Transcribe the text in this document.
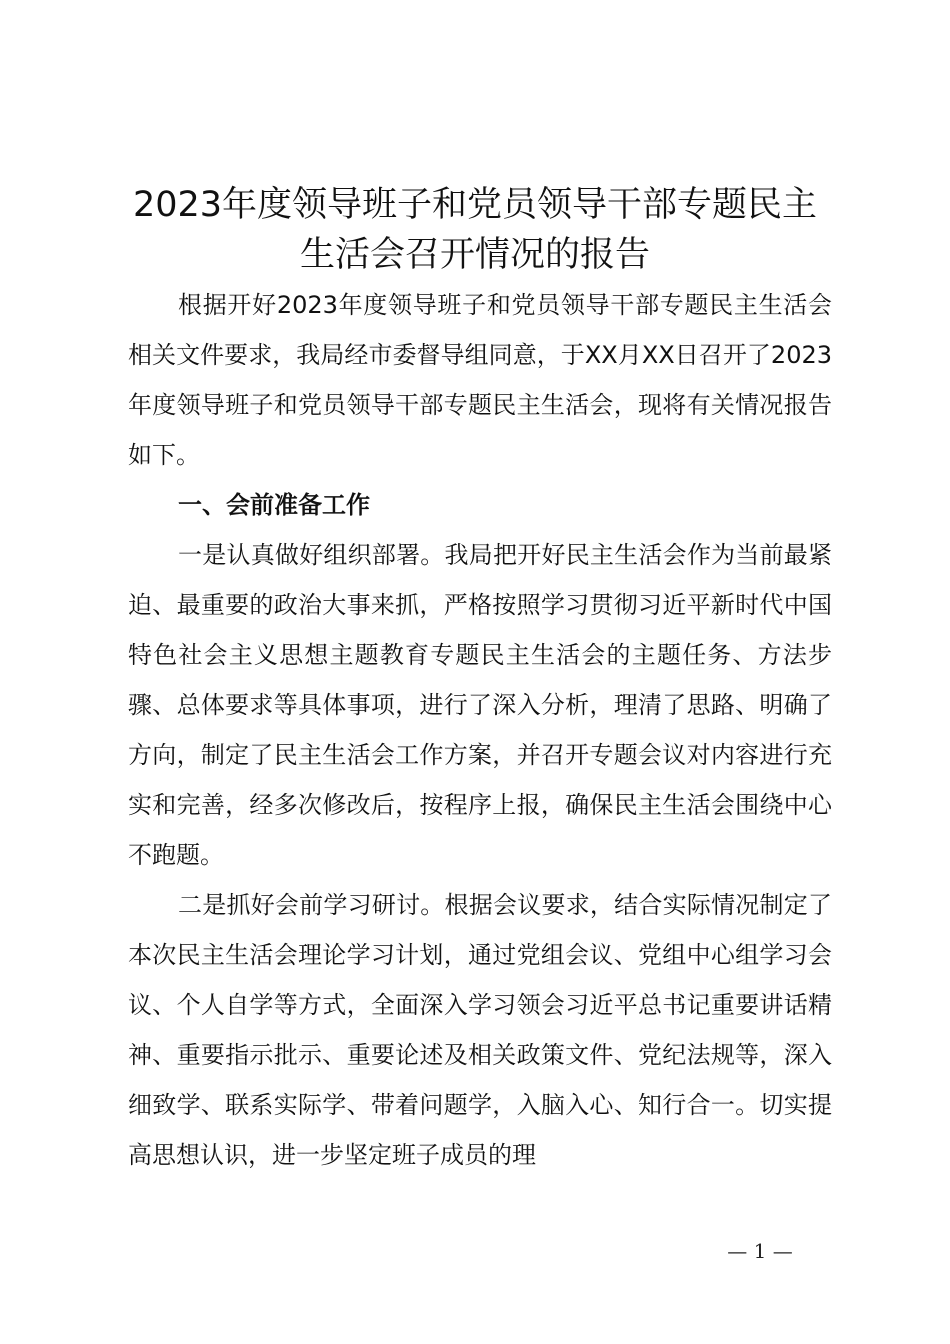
2023年度领导班子和党员领导干部专题民主
生活会召开情况的报告

根据开好2023年度领导班子和党员领导干部专题民主生活会相关文件要求，我局经市委督导组同意，于XX月XX日召开了2023年度领导班子和党员领导干部专题民主生活会，现将有关情况报告如下。

一、会前准备工作

一是认真做好组织部署。我局把开好民主生活会作为当前最紧迫、最重要的政治大事来抓，严格按照学习贯彻习近平新时代中国特色社会主义思想主题教育专题民主生活会的主题任务、方法步骤、总体要求等具体事项，进行了深入分析，理清了思路、明确了方向，制定了民主生活会工作方案，并召开专题会议对内容进行充实和完善，经多次修改后，按程序上报，确保民主生活会围绕中心不跑题。

二是抓好会前学习研讨。根据会议要求，结合实际情况制定了本次民主生活会理论学习计划，通过党组会议、党组中心组学习会议、个人自学等方式，全面深入学习领会习近平总书记重要讲话精神、重要指示批示、重要论述及相关政策文件、党纪法规等，深入细致学、联系实际学、带着问题学，入脑入心、知行合一。切实提高思想认识，进一步坚定班子成员的理

— 1 —
